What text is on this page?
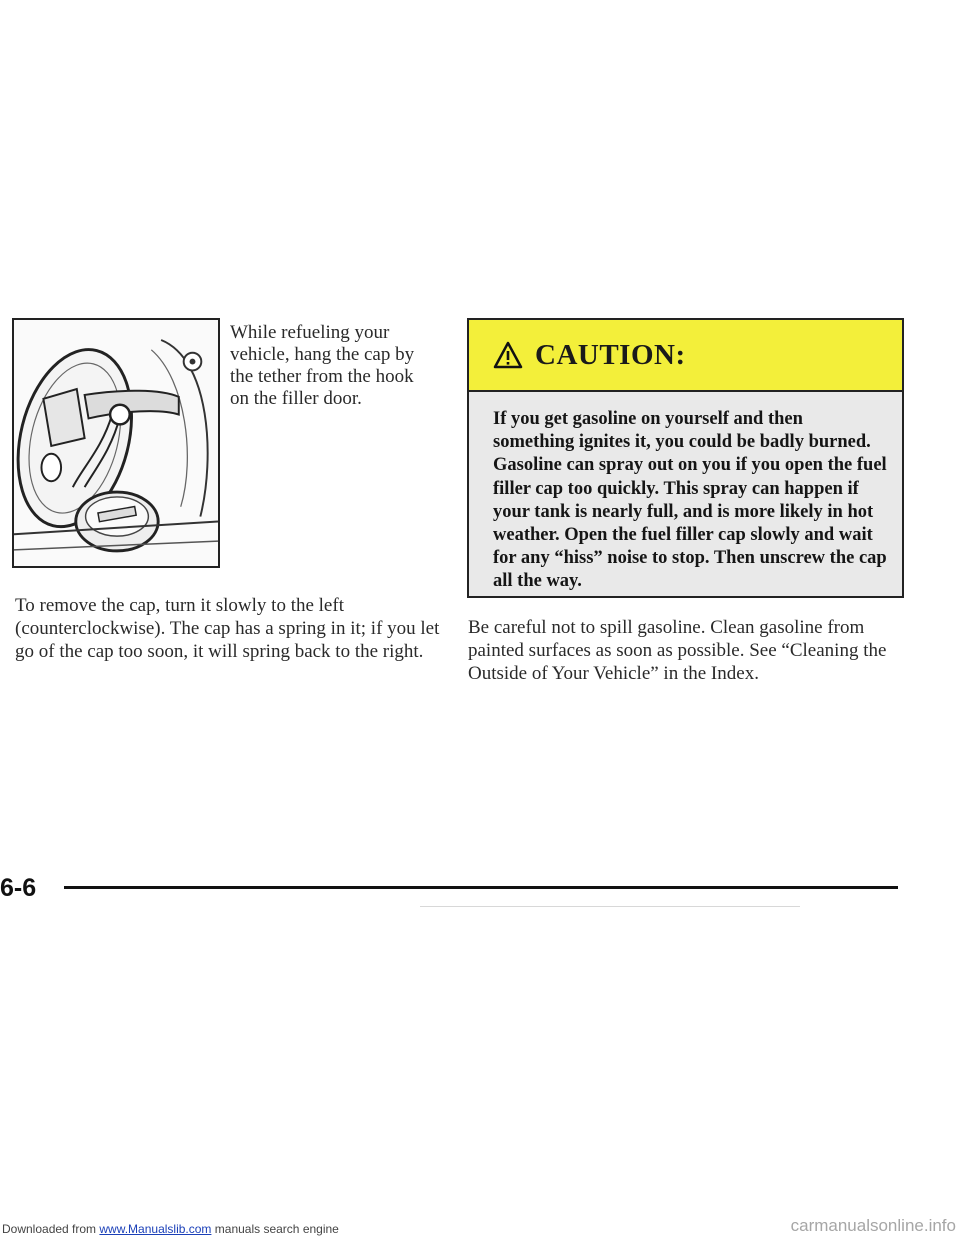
While refueling your vehicle, hang the cap by the tether from the hook on the filler door.
To remove the cap, turn it slowly to the left (counterclockwise). The cap has a spring in it; if you let go of the cap too soon, it will spring back to the right.
CAUTION:
If you get gasoline on yourself and then something ignites it, you could be badly burned. Gasoline can spray out on you if you open the fuel filler cap too quickly. This spray can happen if your tank is nearly full, and is more likely in hot weather. Open the fuel filler cap slowly and wait for any “hiss” noise to stop. Then unscrew the cap all the way.
Be careful not to spill gasoline. Clean gasoline from painted surfaces as soon as possible. See “Cleaning the Outside of Your Vehicle” in the Index.
6-6
Downloaded from www.Manualslib.com manuals search engine	carmanualsonline.info
